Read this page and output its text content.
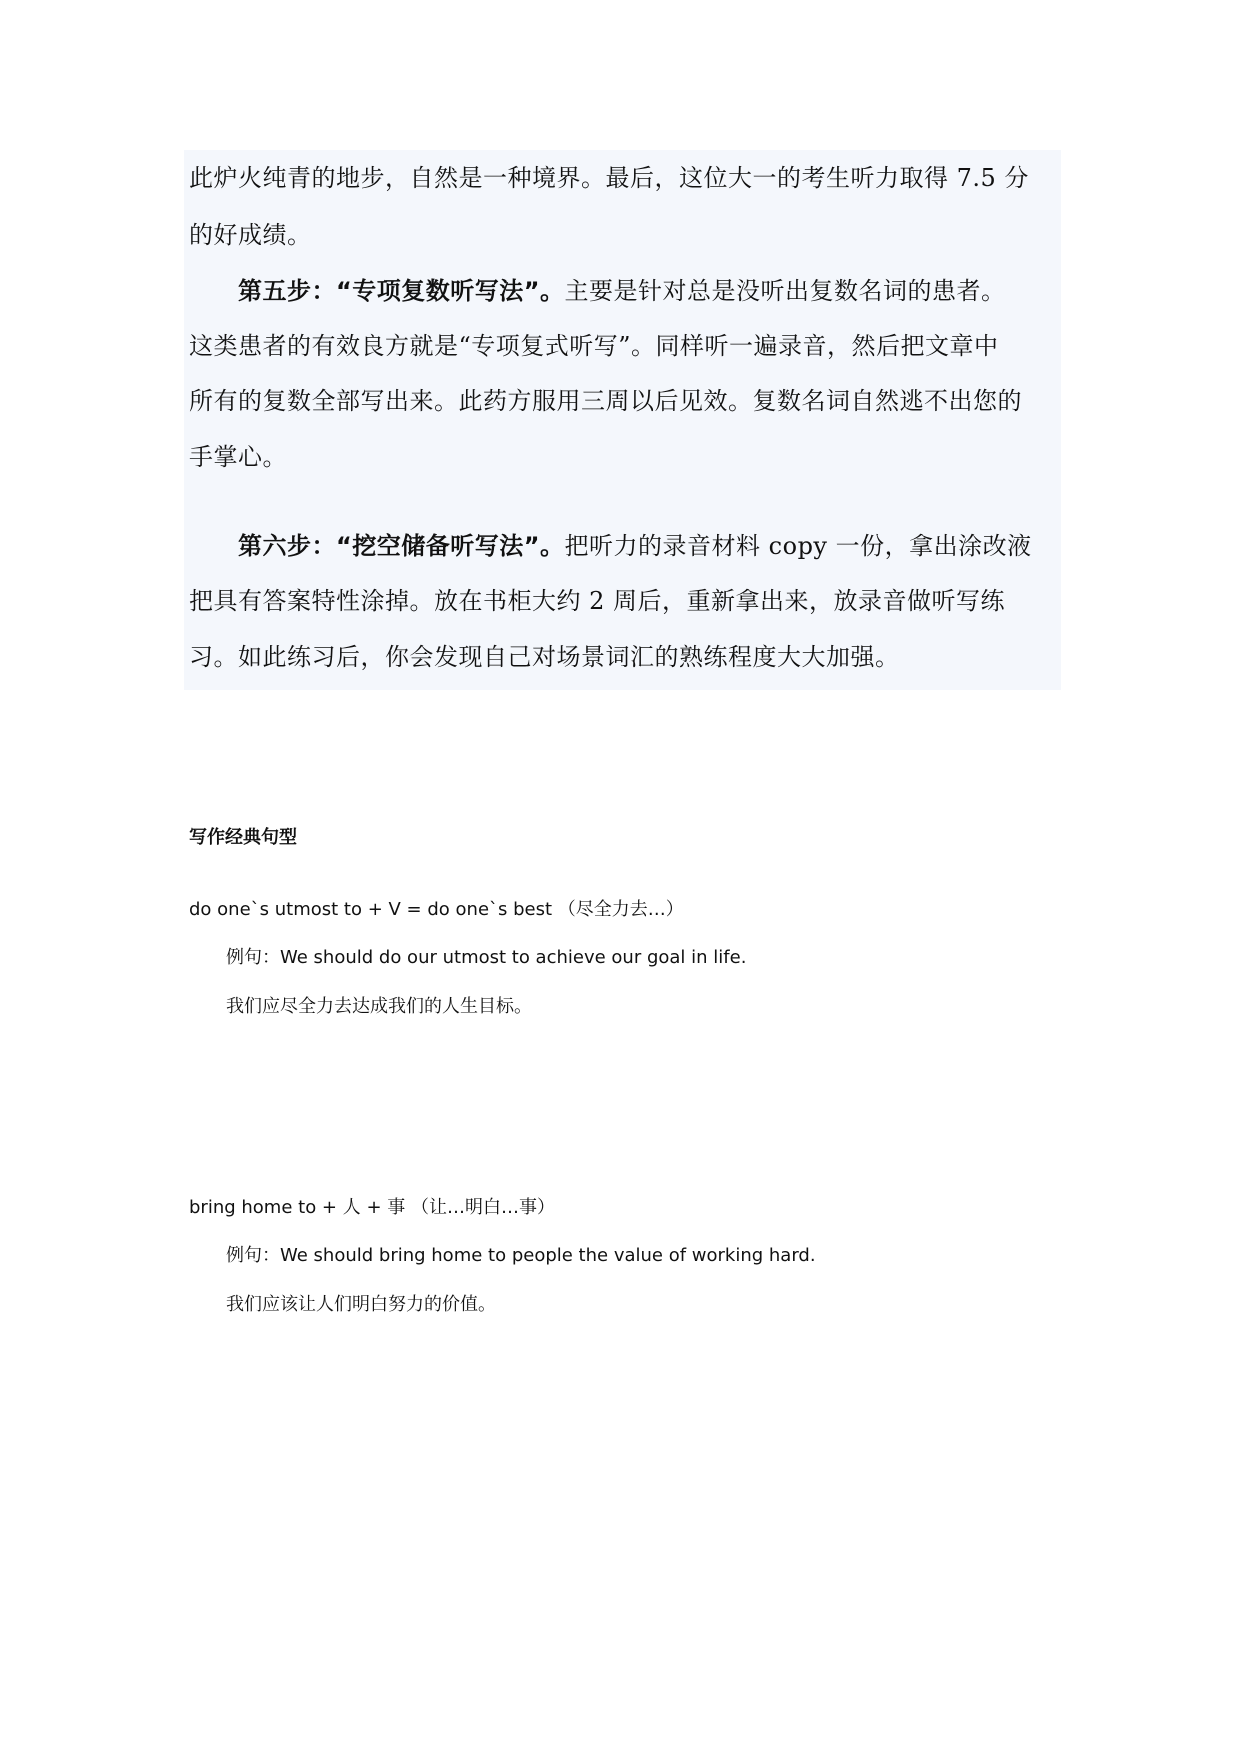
此炉火纯青的地步，自然是一种境界。最后，这位大一的考生听力取得 7.5 分
的好成绩。
第五步：“专项复数听写法”。主要是针对总是没听出复数名词的患者。
这类患者的有效良方就是“专项复式听写”。同样听一遍录音，然后把文章中
所有的复数全部写出来。此药方服用三周以后见效。复数名词自然逃不出您的
手掌心。
第六步：“挖空储备听写法”。把听力的录音材料 copy 一份，拿出涂改液
把具有答案特性涂掉。放在书柜大约 2 周后，重新拿出来，放录音做听写练
习。如此练习后，你会发现自己对场景词汇的熟练程度大大加强。
写作经典句型
do one`s utmost to + V = do one`s best （尽全力去…）
例句：We should do our utmost to achieve our goal in life.
我们应尽全力去达成我们的人生目标。
bring home to + 人 + 事 （让…明白…事）
例句：We should bring home to people the value of working hard.
我们应该让人们明白努力的价值。
